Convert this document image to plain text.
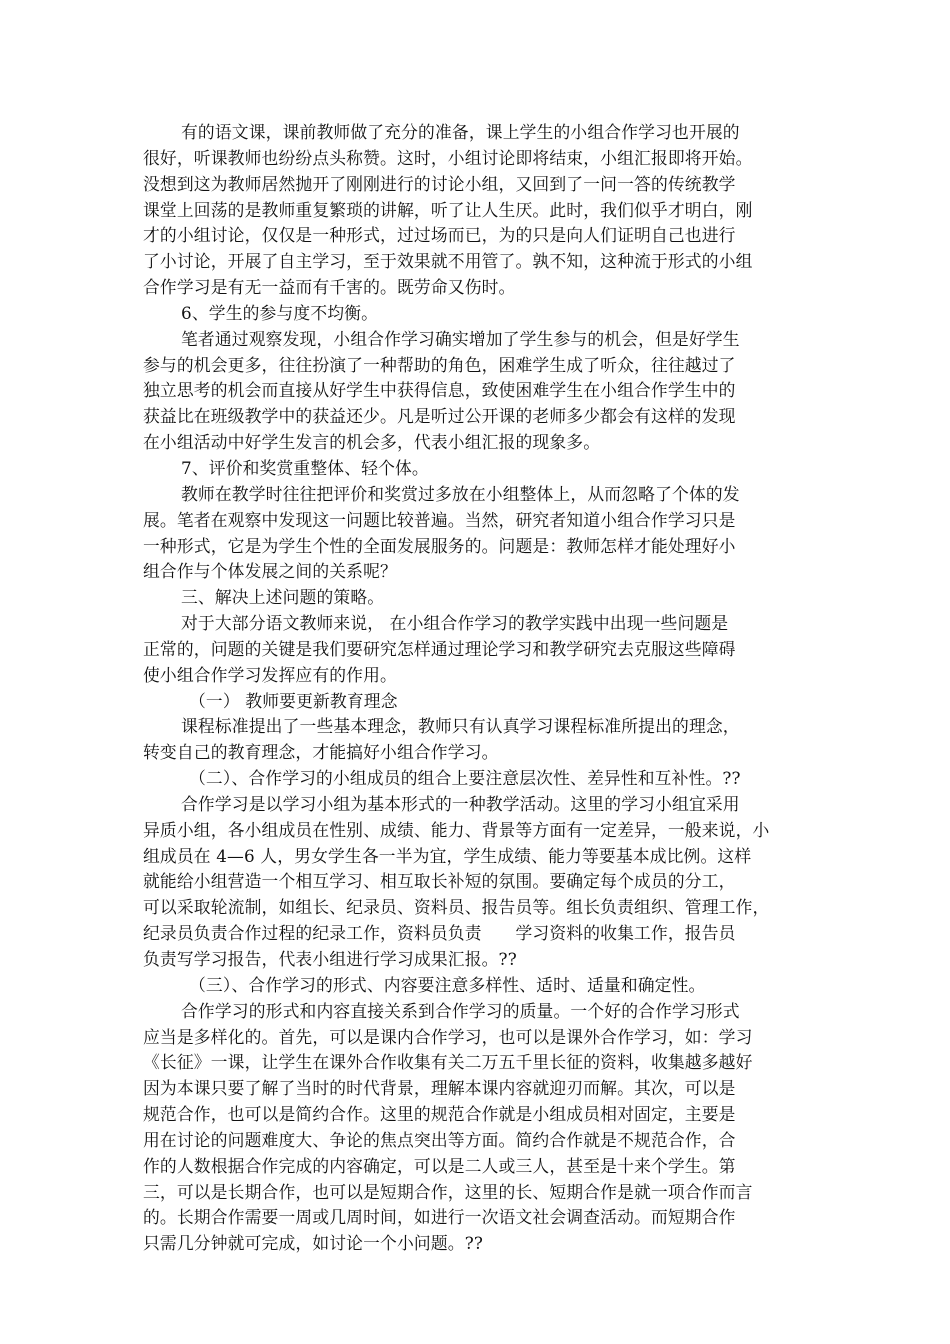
有的语文课，课前教师做了充分的准备，课上学生的小组合作学习也开展的
很好，听课教师也纷纷点头称赞。这时，小组讨论即将结束，小组汇报即将开始。
没想到这为教师居然抛开了刚刚进行的讨论小组，又回到了一问一答的传统教学
课堂上回荡的是教师重复繁琐的讲解，听了让人生厌。此时，我们似乎才明白，刚
才的小组讨论，仅仅是一种形式，过过场而已，为的只是向人们证明自己也进行
了小讨论，开展了自主学习，至于效果就不用管了。孰不知，这种流于形式的小组
合作学习是有无一益而有千害的。既劳命又伤时。
6、学生的参与度不均衡。
笔者通过观察发现，小组合作学习确实增加了学生参与的机会，但是好学生
参与的机会更多，往往扮演了一种帮助的角色，困难学生成了听众，往往越过了
独立思考的机会而直接从好学生中获得信息，致使困难学生在小组合作学生中的
获益比在班级教学中的获益还少。凡是听过公开课的老师多少都会有这样的发现
在小组活动中好学生发言的机会多，代表小组汇报的现象多。
7、评价和奖赏重整体、轻个体。
教师在教学时往往把评价和奖赏过多放在小组整体上，从而忽略了个体的发
展。笔者在观察中发现这一问题比较普遍。当然，研究者知道小组合作学习只是
一种形式，它是为学生个性的全面发展服务的。问题是：教师怎样才能处理好小
组合作与个体发展之间的关系呢？
三、解决上述问题的策略。
对于大部分语文教师来说， 在小组合作学习的教学实践中出现一些问题是
正常的，问题的关键是我们要研究怎样通过理论学习和教学研究去克服这些障碍
使小组合作学习发挥应有的作用。
（一） 教师要更新教育理念
课程标准提出了一些基本理念，教师只有认真学习课程标准所提出的理念，
转变自己的教育理念，才能搞好小组合作学习。
（二）、合作学习的小组成员的组合上要注意层次性、差异性和互补性。??
合作学习是以学习小组为基本形式的一种教学活动。这里的学习小组宜采用
异质小组，各小组成员在性别、成绩、能力、背景等方面有一定差异，一般来说，小
组成员在 4—6 人，男女学生各一半为宜，学生成绩、能力等要基本成比例。这样
就能给小组营造一个相互学习、相互取长补短的氛围。要确定每个成员的分工，
可以采取轮流制，如组长、纪录员、资料员、报告员等。组长负责组织、管理工作，
纪录员负责合作过程的纪录工作，资料员负责　　学习资料的收集工作，报告员
负责写学习报告，代表小组进行学习成果汇报。??
（三）、合作学习的形式、内容要注意多样性、适时、适量和确定性。
合作学习的形式和内容直接关系到合作学习的质量。一个好的合作学习形式
应当是多样化的。首先，可以是课内合作学习，也可以是课外合作学习，如：学习
《长征》一课，让学生在课外合作收集有关二万五千里长征的资料，收集越多越好
因为本课只要了解了当时的时代背景，理解本课内容就迎刃而解。其次，可以是
规范合作，也可以是简约合作。这里的规范合作就是小组成员相对固定，主要是
用在讨论的问题难度大、争论的焦点突出等方面。简约合作就是不规范合作，合
作的人数根据合作完成的内容确定，可以是二人或三人，甚至是十来个学生。第
三，可以是长期合作，也可以是短期合作，这里的长、短期合作是就一项合作而言
的。长期合作需要一周或几周时间，如进行一次语文社会调查活动。而短期合作
只需几分钟就可完成，如讨论一个小问题。??
